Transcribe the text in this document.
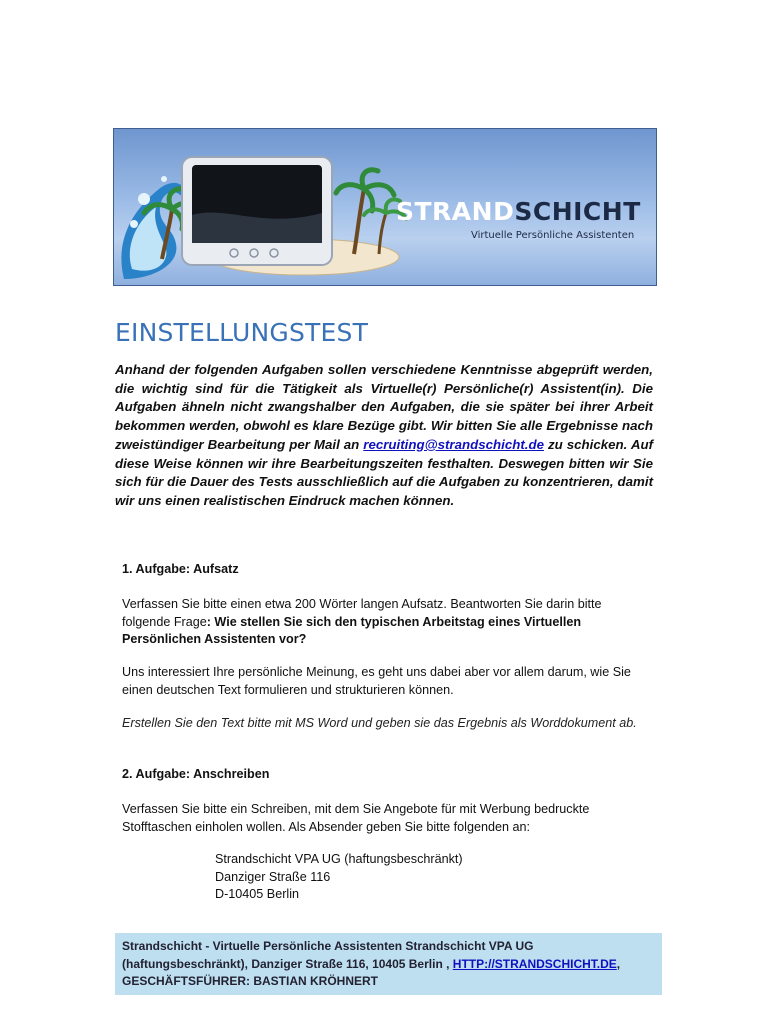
STRANDSCHICHT
Virtuelle Persönliche Assistenten
EINSTELLUNGSTEST
Anhand der folgenden Aufgaben sollen verschiedene Kenntnisse abgeprüft werden, die wichtig sind für die Tätigkeit als Virtuelle(r) Persönliche(r) Assistent(in). Die Aufgaben ähneln nicht zwangshalber den Aufgaben, die sie später bei ihrer Arbeit bekommen werden, obwohl es klare Bezüge gibt. Wir bitten Sie alle Ergebnisse nach zweistündiger Bearbeitung per Mail an recruiting@strandschicht.de zu schicken. Auf diese Weise können wir ihre Bearbeitungszeiten festhalten. Deswegen bitten wir Sie sich für die Dauer des Tests ausschließlich auf die Aufgaben zu konzentrieren, damit wir uns einen realistischen Eindruck machen können.
1. Aufgabe: Aufsatz
Verfassen Sie bitte einen etwa 200 Wörter langen Aufsatz. Beantworten Sie darin bitte
folgende Frage: Wie stellen Sie sich den typischen Arbeitstag eines Virtuellen
Persönlichen Assistenten vor?
Uns interessiert Ihre persönliche Meinung, es geht uns dabei aber vor allem darum, wie Sie einen deutschen Text formulieren und strukturieren können.
Erstellen Sie den Text bitte mit MS Word und geben sie das Ergebnis als Worddokument ab.
2. Aufgabe: Anschreiben
Verfassen Sie bitte ein Schreiben, mit dem Sie Angebote für mit Werbung bedruckte Stofftaschen einholen wollen. Als Absender geben Sie bitte folgenden an:
Strandschicht VPA UG (haftungsbeschränkt)
Danziger Straße 116
D-10405 Berlin
Strandschicht - Virtuelle Persönliche Assistenten Strandschicht VPA UG (haftungsbeschränkt), Danziger Straße 116, 10405 Berlin , HTTP://STRANDSCHICHT.DE,
GESCHÄFTSFÜHRER: BASTIAN KRÖHNERT
